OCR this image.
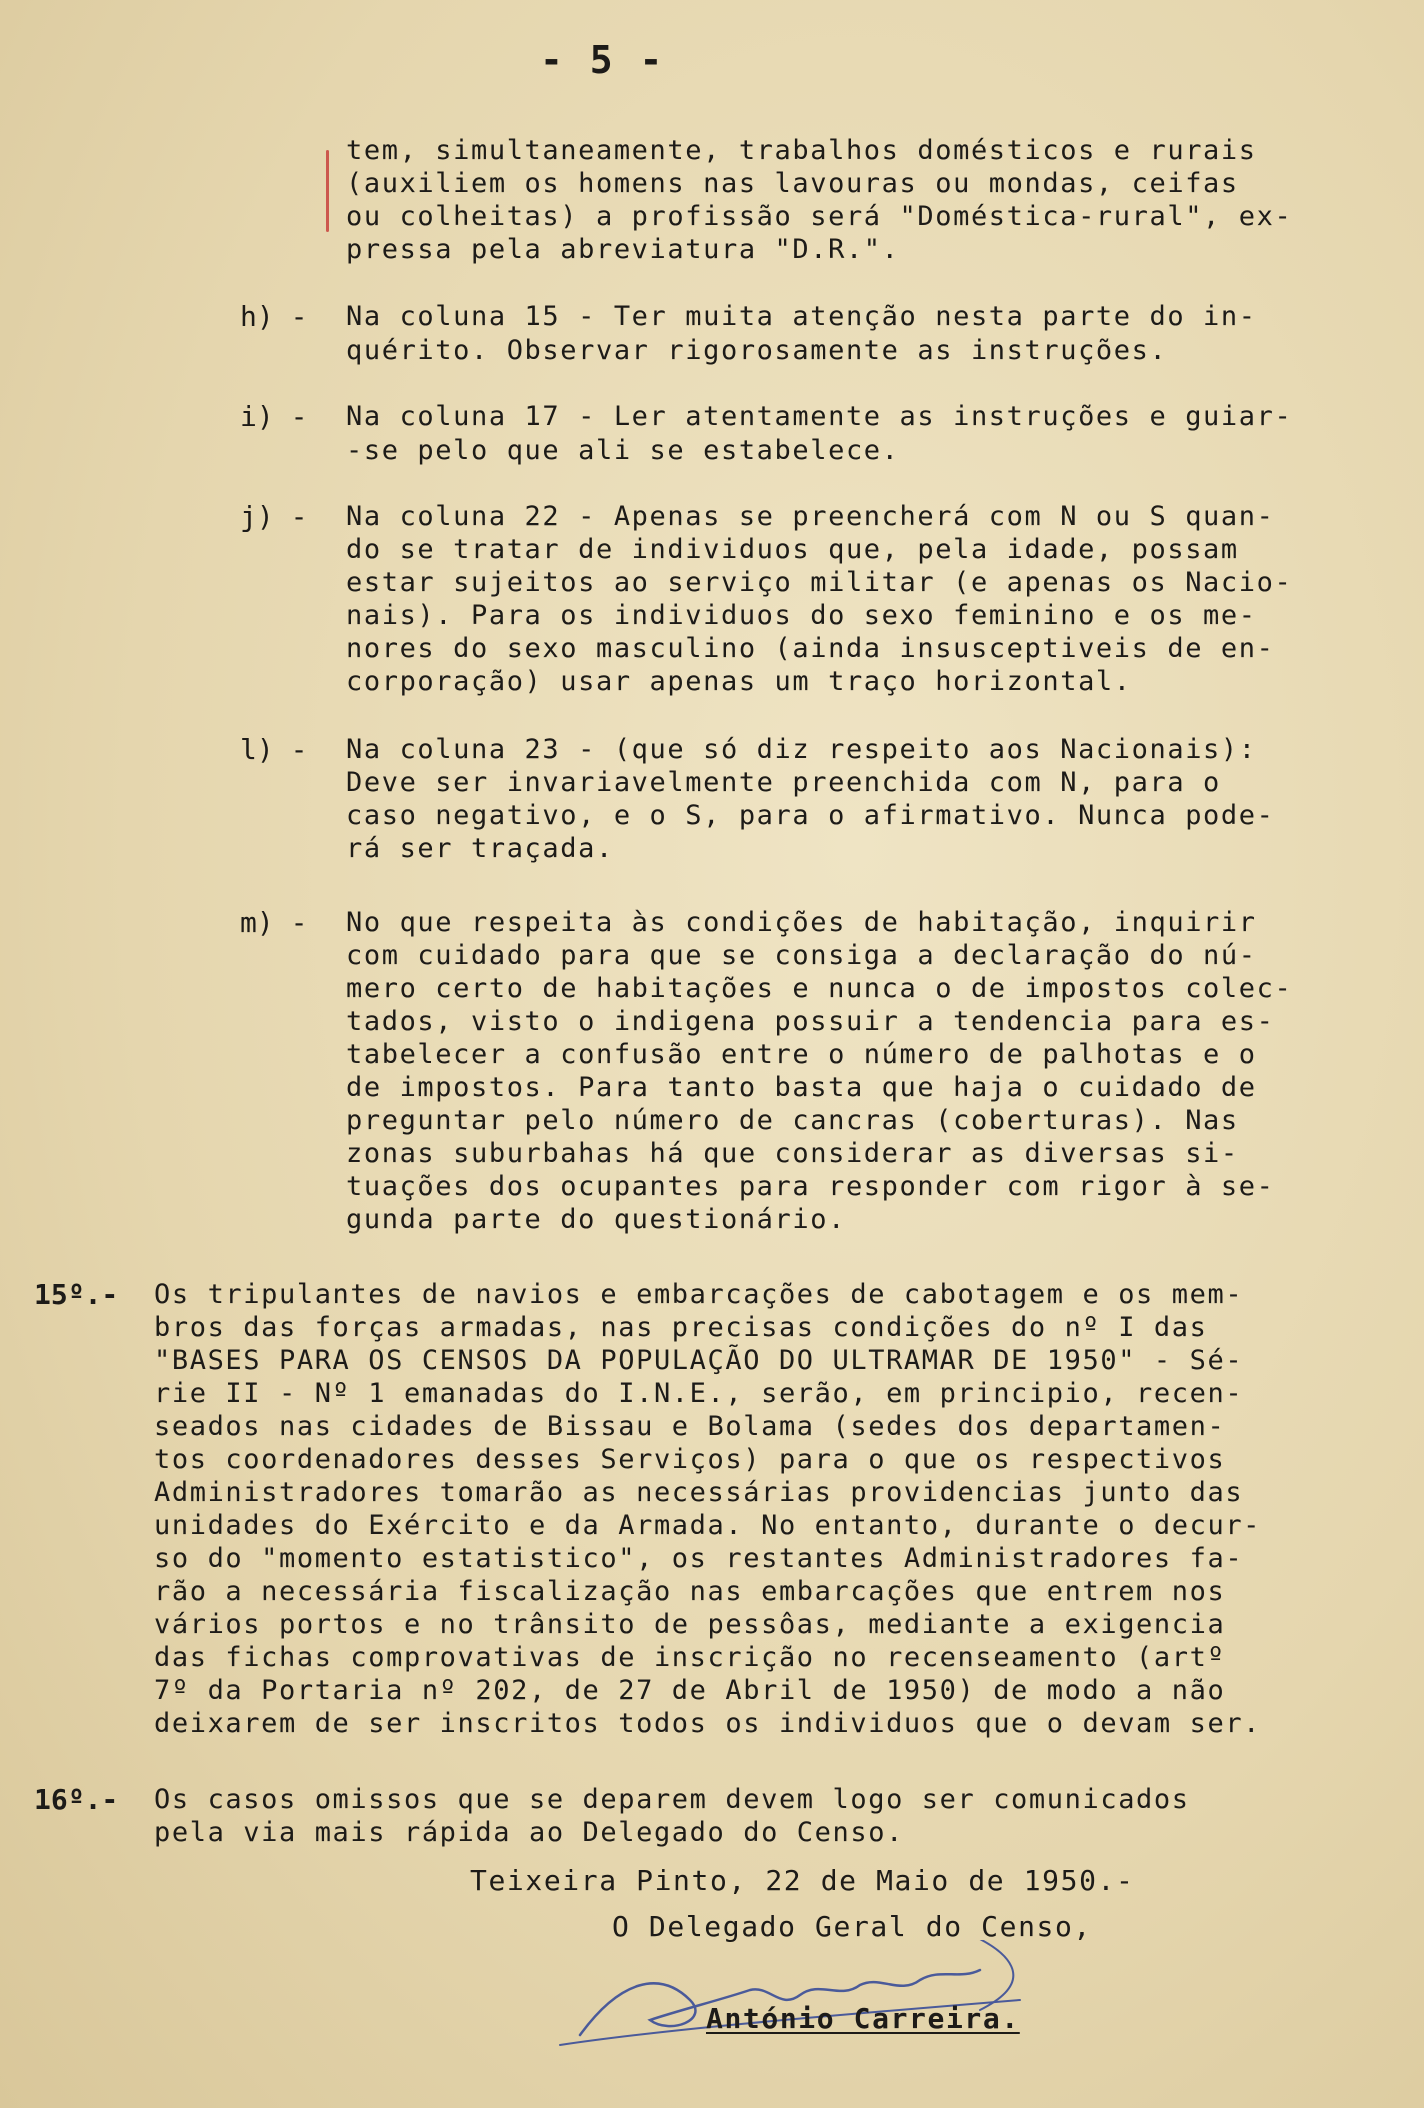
- 5 -
tem, simultaneamente, trabalhos domésticos e rurais
(auxiliem os homens nas lavouras ou mondas, ceifas
ou colheitas) a profissão será "Doméstica-rural", ex-
pressa pela abreviatura "D.R.".
h) - Na coluna 15 - Ter muita atenção nesta parte do in-
quérito. Observar rigorosamente as instruções.
i) - Na coluna 17 - Ler atentamente as instruções e guiar-
-se pelo que ali se estabelece.
j) - Na coluna 22 - Apenas se preencherá com N ou S quan-
do se tratar de individuos que, pela idade, possam
estar sujeitos ao serviço militar (e apenas os Nacio-
nais). Para os individuos do sexo feminino e os me-
nores do sexo masculino (ainda insusceptiveis de en-
corporação) usar apenas um traço horizontal.
l) - Na coluna 23 - (que só diz respeito aos Nacionais):
Deve ser invariavelmente preenchida com N, para o
caso negativo, e o S, para o afirmativo. Nunca pode-
rá ser traçada.
m) - No que respeita às condições de habitação, inquirir
com cuidado para que se consiga a declaração do nú-
mero certo de habitações e nunca o de impostos colec-
tados, visto o indigena possuir a tendencia para es-
tabelecer a confusão entre o número de palhotas e o
de impostos. Para tanto basta que haja o cuidado de
preguntar pelo número de cancras (coberturas). Nas
zonas suburbahas há que considerar as diversas si-
tuações dos ocupantes para responder com rigor à se-
gunda parte do questionário.
15º.- Os tripulantes de navios e embarcações de cabotagem e os mem-
bros das forças armadas, nas precisas condições do nº I das
"BASES PARA OS CENSOS DA POPULAÇÃO DO ULTRAMAR DE 1950" - Sé-
rie II - Nº 1 emanadas do I.N.E., serão, em principio, recen-
seados nas cidades de Bissau e Bolama (sedes dos departamen-
tos coordenadores desses Serviços) para o que os respectivos
Administradores tomarão as necessárias providencias junto das
unidades do Exército e da Armada. No entanto, durante o decur-
so do "momento estatistico", os restantes Administradores fa-
rão a necessária fiscalização nas embarcações que entrem nos
vários portos e no trânsito de pessôas, mediante a exigencia
das fichas comprovativas de inscrição no recenseamento (artº
7º da Portaria nº 202, de 27 de Abril de 1950) de modo a não
deixarem de ser inscritos todos os individuos que o devam ser.
16º.- Os casos omissos que se deparem devem logo ser comunicados
pela via mais rápida ao Delegado do Censo.
Teixeira Pinto, 22 de Maio de 1950.-
O Delegado Geral do Censo,
António Carreira.
